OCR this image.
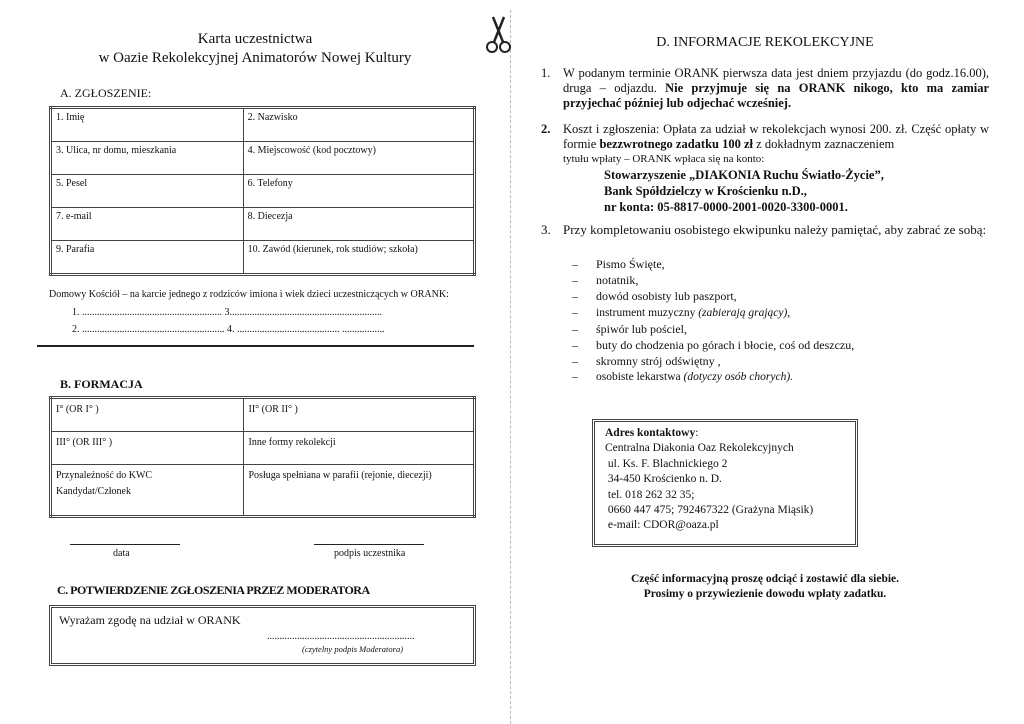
Karta uczestnictwa
w Oazie Rekolekcyjnej Animatorów Nowej Kultury
A. ZGŁOSZENIE:
1. Imię	2. Nazwisko
3. Ulica, nr domu, mieszkania	4. Miejscowość (kod pocztowy)
5. Pesel	6. Telefony
7. e-mail	8. Diecezja
9. Parafia	10. Zawód (kierunek, rok studiów; szkoła)
Domowy Kościół – na karcie jednego z rodziców imiona i wiek dzieci uczestniczących w ORANK:
1. ........................................................ 3.............................................................
2. ......................................................... 4. ......................................... .................
B. FORMACJA
I° (OR I° )	II° (OR II° )
III° (OR III° )	Inne formy rekolekcji
Przynależność do KWC
Kandydat/Członek	Posługa spełniana w parafii (rejonie, diecezji)
data	podpis uczestnika
C. POTWIERDZENIE ZGŁOSZENIA PRZEZ MODERATORA
Wyrażam zgodę na udział w ORANK
...........................................................
(czytelny podpis Moderatora)
D. INFORMACJE REKOLEKCYJNE
1. W podanym terminie ORANK pierwsza data jest dniem przyjazdu (do godz.16.00), druga – odjazdu. Nie przyjmuje się na ORANK nikogo, kto ma zamiar przyjechać później lub odjechać wcześniej.
2. Koszt i zgłoszenia: Opłata za udział w rekolekcjach wynosi 200. zł. Część opłaty w formie bezzwrotnego zadatku 100 zł z dokładnym zaznaczeniem
tytułu wpłaty – ORANK wpłaca się na konto:
Stowarzyszenie „DIAKONIA Ruchu Światło-Życie”,
Bank Spółdzielczy w Krościenku n.D.,
nr konta: 05-8817-0000-2001-0020-3300-0001.
3. Przy kompletowaniu osobistego ekwipunku należy pamiętać, aby zabrać ze sobą:
– Pismo Święte,
– notatnik,
– dowód osobisty lub paszport,
– instrument muzyczny (zabierają grający),
– śpiwór lub pościel,
– buty do chodzenia po górach i błocie, coś od deszczu,
– skromny strój odświętny ,
– osobiste lekarstwa (dotyczy osób chorych).
Adres kontaktowy:
Centralna Diakonia Oaz Rekolekcyjnych
ul. Ks. F. Blachnickiego 2
34-450 Krościenko n. D.
tel. 018 262 32 35;
0660 447 475; 792467322 (Grażyna Miąsik)
e-mail: CDOR@oaza.pl
Część informacyjną proszę odciąć i zostawić dla siebie.
Prosimy o przywiezienie dowodu wpłaty zadatku.
